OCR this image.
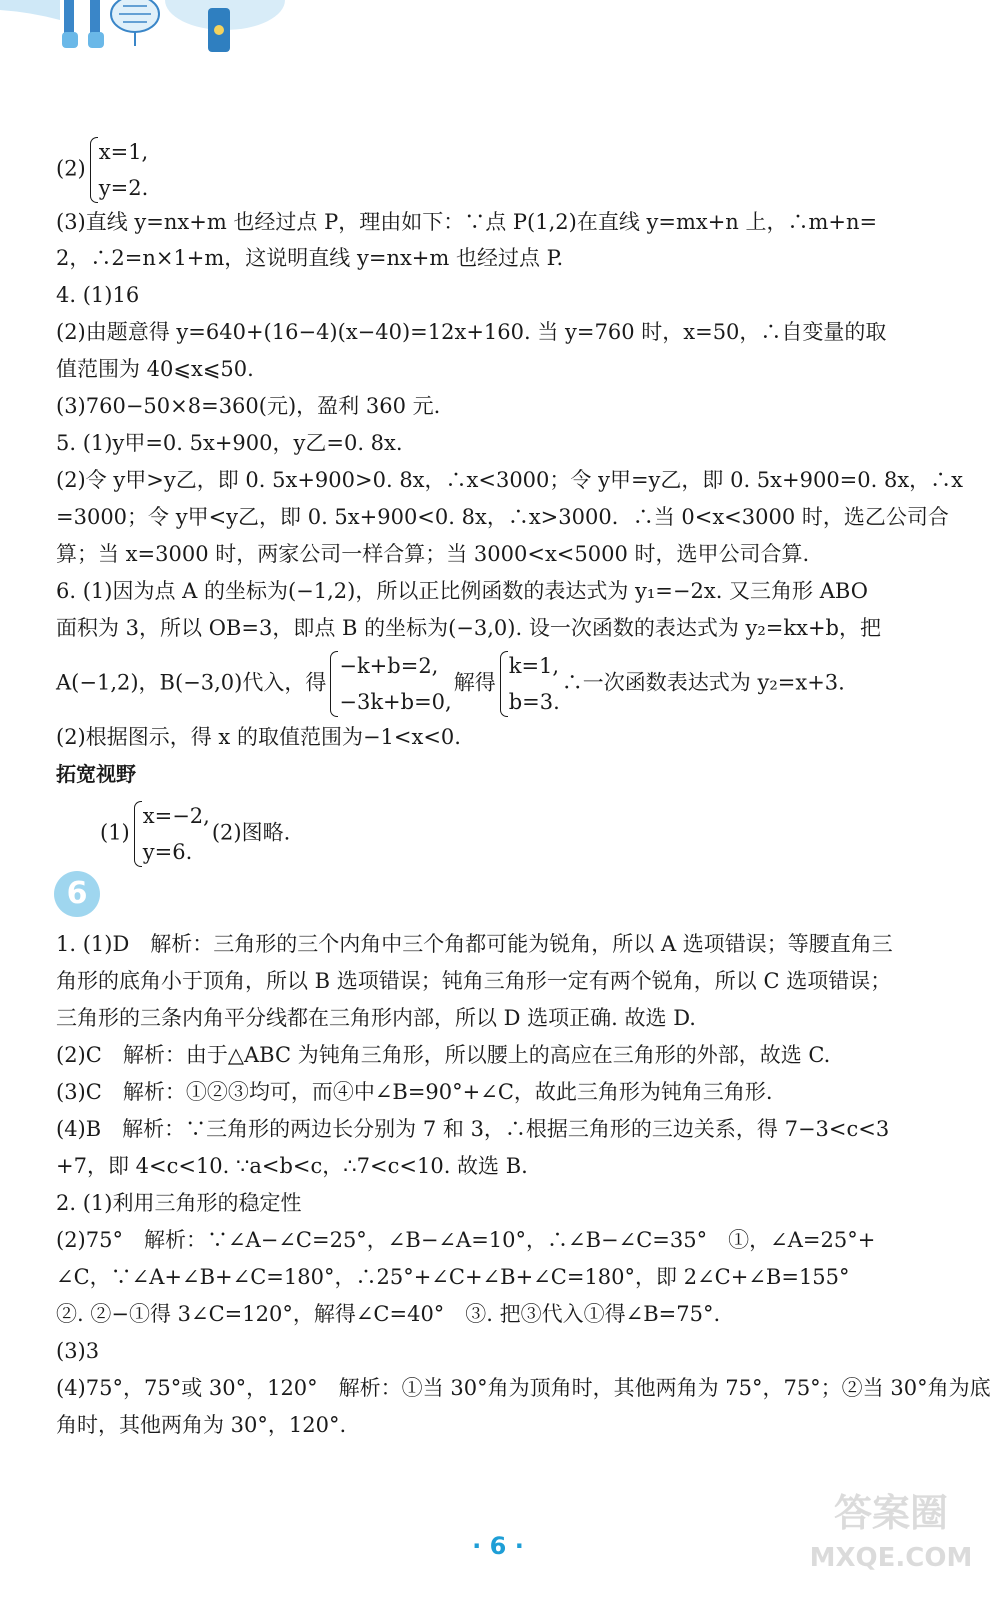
(2)
x=1,
y=2.
(3)直线 y=nx+m 也经过点 P，理由如下：∵点 P(1,2)在直线 y=mx+n 上，∴m+n=
2，∴2=n×1+m，这说明直线 y=nx+m 也经过点 P.
4. (1)16
(2)由题意得 y=640+(16−4)(x−40)=12x+160. 当 y=760 时，x=50，∴自变量的取
值范围为 40⩽x⩽50.
(3)760−50×8=360(元)，盈利 360 元.
5. (1)y甲=0. 5x+900，y乙=0. 8x.
(2)令 y甲>y乙，即 0. 5x+900>0. 8x，∴x<3000；令 y甲=y乙，即 0. 5x+900=0. 8x，∴x
=3000；令 y甲<y乙，即 0. 5x+900<0. 8x，∴x>3000．∴当 0<x<3000 时，选乙公司合
算；当 x=3000 时，两家公司一样合算；当 3000<x<5000 时，选甲公司合算.
6. (1)因为点 A 的坐标为(−1,2)，所以正比例函数的表达式为 y₁=−2x. 又三角形 ABO
面积为 3，所以 OB=3，即点 B 的坐标为(−3,0). 设一次函数的表达式为 y₂=kx+b，把
A(−1,2)，B(−3,0)代入，得
−k+b=2,
−3k+b=0,
解得
k=1,
b=3.
∴一次函数表达式为 y₂=x+3.
(2)根据图示，得 x 的取值范围为−1<x<0.
拓宽视野
(1)
x=−2,
y=6.
(2)图略.
6
1. (1)D　解析：三角形的三个内角中三个角都可能为锐角，所以 A 选项错误；等腰直角三
角形的底角小于顶角，所以 B 选项错误；钝角三角形一定有两个锐角，所以 C 选项错误；
三角形的三条内角平分线都在三角形内部，所以 D 选项正确. 故选 D.
(2)C　解析：由于△ABC 为钝角三角形，所以腰上的高应在三角形的外部，故选 C.
(3)C　解析：①②③均可，而④中∠B=90°+∠C，故此三角形为钝角三角形.
(4)B　解析：∵三角形的两边长分别为 7 和 3，∴根据三角形的三边关系，得 7−3<c<3
+7，即 4<c<10. ∵a<b<c，∴7<c<10. 故选 B.
2. (1)利用三角形的稳定性
(2)75°　解析：∵∠A−∠C=25°，∠B−∠A=10°，∴∠B−∠C=35°　①，∠A=25°+
∠C，∵∠A+∠B+∠C=180°，∴25°+∠C+∠B+∠C=180°，即 2∠C+∠B=155°
②. ②−①得 3∠C=120°，解得∠C=40°　③. 把③代入①得∠B=75°.
(3)3
(4)75°，75°或 30°，120°　解析：①当 30°角为顶角时，其他两角为 75°，75°；②当 30°角为底
角时，其他两角为 30°，120°.
· 6 ·
答案圈
MXQE.COM
